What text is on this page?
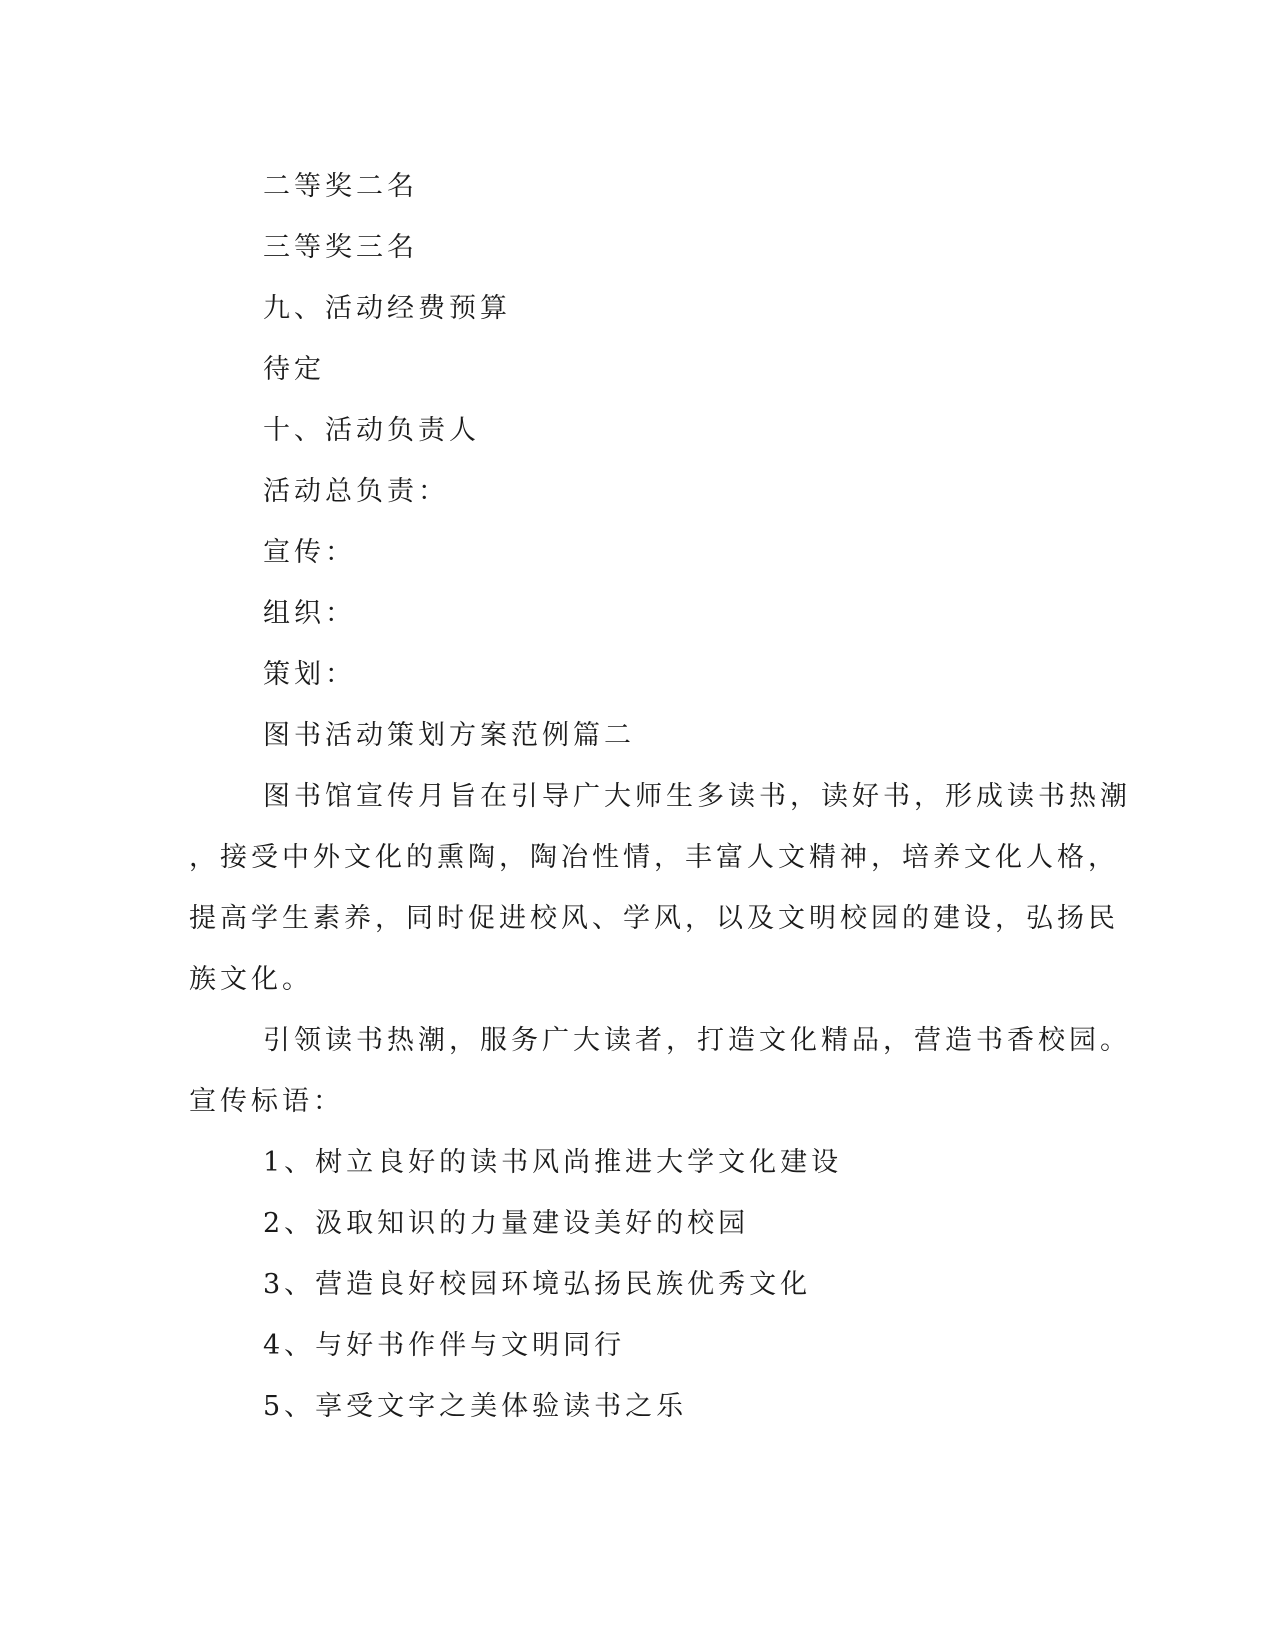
二等奖二名
三等奖三名
九、活动经费预算
待定
十、活动负责人
活动总负责：
宣传：
组织：
策划：
图书活动策划方案范例篇二
图书馆宣传月旨在引导广大师生多读书，读好书，形成读书热潮
，接受中外文化的熏陶，陶冶性情，丰富人文精神，培养文化人格，
提高学生素养，同时促进校风、学风，以及文明校园的建设，弘扬民
族文化。
引领读书热潮，服务广大读者，打造文化精品，营造书香校园。
宣传标语：
1、树立良好的读书风尚推进大学文化建设
2、汲取知识的力量建设美好的校园
3、营造良好校园环境弘扬民族优秀文化
4、与好书作伴与文明同行
5、享受文字之美体验读书之乐
